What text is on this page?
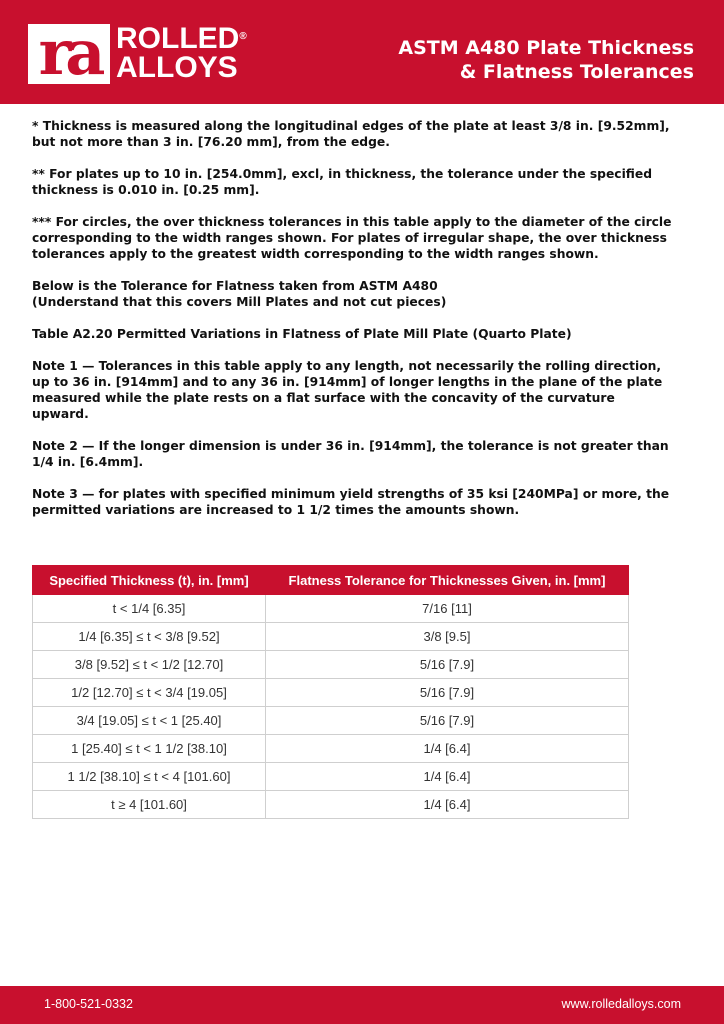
ra ROLLED®
ALLOYS
ASTM A480 Plate Thickness
& Flatness Tolerances

* Thickness is measured along the longitudinal edges of the plate at least 3/8 in. [9.52mm], but not more than 3 in. [76.20 mm], from the edge.

** For plates up to 10 in. [254.0mm], excl, in thickness, the tolerance under the specified thickness is 0.010 in. [0.25 mm].

*** For circles, the over thickness tolerances in this table apply to the diameter of the circle corresponding to the width ranges shown. For plates of irregular shape, the over thickness tolerances apply to the greatest width corresponding to the width ranges shown.

Below is the Tolerance for Flatness taken from ASTM A480
(Understand that this covers Mill Plates and not cut pieces)

Table A2.20 Permitted Variations in Flatness of Plate Mill Plate (Quarto Plate)

Note 1 — Tolerances in this table apply to any length, not necessarily the rolling direction, up to 36 in. [914mm] and to any 36 in. [914mm] of longer lengths in the plane of the plate measured while the plate rests on a flat surface with the concavity of the curvature upward.

Note 2 — If the longer dimension is under 36 in. [914mm], the tolerance is not greater than 1/4 in. [6.4mm].

Note 3 — for plates with specified minimum yield strengths of 35 ksi [240MPa] or more, the permitted variations are increased to 1 1/2 times the amounts shown.

Specified Thickness (t), in. [mm]	Flatness Tolerance for Thicknesses Given, in. [mm]
t < 1/4 [6.35]	7/16 [11]
1/4 [6.35] ≤ t < 3/8 [9.52]	3/8 [9.5]
3/8 [9.52] ≤ t < 1/2 [12.70]	5/16 [7.9]
1/2 [12.70] ≤ t < 3/4 [19.05]	5/16 [7.9]
3/4 [19.05] ≤ t < 1 [25.40]	5/16 [7.9]
1 [25.40] ≤ t < 1 1/2 [38.10]	1/4 [6.4]
1 1/2 [38.10] ≤ t < 4 [101.60]	1/4 [6.4]
t ≥ 4 [101.60]	1/4 [6.4]
1-800-521-0332	www.rolledalloys.com
